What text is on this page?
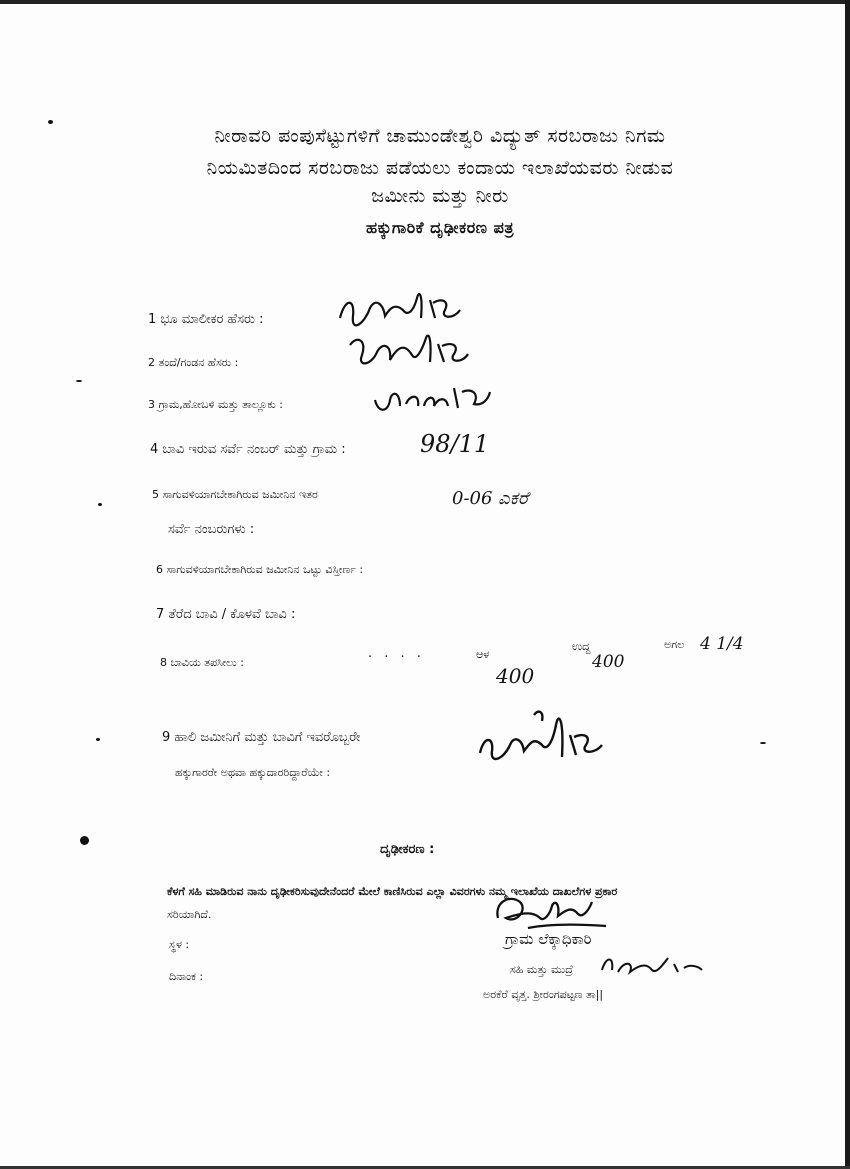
ನೀರಾವರಿ ಪಂಪುಸೆಟ್ಟುಗಳಿಗೆ ಚಾಮುಂಡೇಶ್ವರಿ ವಿದ್ಯುತ್ ಸರಬರಾಜು ನಿಗಮ
ನಿಯಮಿತದಿಂದ ಸರಬರಾಜು ಪಡೆಯಲು ಕಂದಾಯ ಇಲಾಖೆಯವರು ನೀಡುವ
ಜಮೀನು ಮತ್ತು ನೀರು
ಹಕ್ಕುಗಾರಿಕೆ ದೃಢೀಕರಣ ಪತ್ರ
1 ಭೂ ಮಾಲೀಕರ ಹೆಸರು :
2 ತಂದೆ/ಗಂಡನ ಹೆಸರು :
3 ಗ್ರಾಮ,ಹೋಬಳಿ ಮತ್ತು ತಾಲ್ಲೂಕು :
4 ಬಾವಿ ಇರುವ ಸರ್ವೆ ನಂಬರ್ ಮತ್ತು ಗ್ರಾಮ :	98/11
5 ಸಾಗುವಳಿಯಾಗಬೇಕಾಗಿರುವ ಜಮೀನಿನ ಇತರ	0-06 ಎಕರೆ
ಸರ್ವೆ ನಂಬರುಗಳು :
6 ಸಾಗುವಳಿಯಾಗಬೇಕಾಗಿರುವ ಜಮೀನಿನ ಒಟ್ಟು ವಿಸ್ತೀರ್ಣ :
7 ತೆರೆದ ಬಾವಿ / ಕೊಳವೆ ಬಾವಿ :
8 ಬಾವಿಯ ತಪಸೀಲು :	· · · ·	ಆಳ
400
ಉದ್ದ
400
ಅಗಲ 4 1/4
9 ಹಾಲಿ ಜಮೀನಿಗೆ ಮತ್ತು ಬಾವಿಗೆ ಇವರೊಬ್ಬರೇ
ಹಕ್ಕುಗಾರರೇ ಅಥವಾ ಹಕ್ಕುದಾರರಿದ್ದಾರೆಯೇ :
ದೃಢೀಕರಣ :
ಕೆಳಗೆ ಸಹಿ ಮಾಡಿರುವ ನಾನು ದೃಢೀಕರಿಸುವುದೇನೆಂದರೆ ಮೇಲೆ ಕಾಣಿಸಿರುವ ಎಲ್ಲಾ ವಿವರಗಳು ನಮ್ಮ ಇಲಾಖೆಯ ದಾಖಲೆಗಳ ಪ್ರಕಾರ
ಸರಿಯಾಗಿದೆ.
ಸ್ಥಳ :
ದಿನಾಂಕ :
ಗ್ರಾಮ ಲೆಕ್ಕಾಧಿಕಾರಿ
ಸಹಿ ಮತ್ತು ಮುದ್ರೆ
ಅರಕೆರೆ ವೃತ್ತ. ಶ್ರೀರಂಗಪಟ್ಟಣ ತಾ||
